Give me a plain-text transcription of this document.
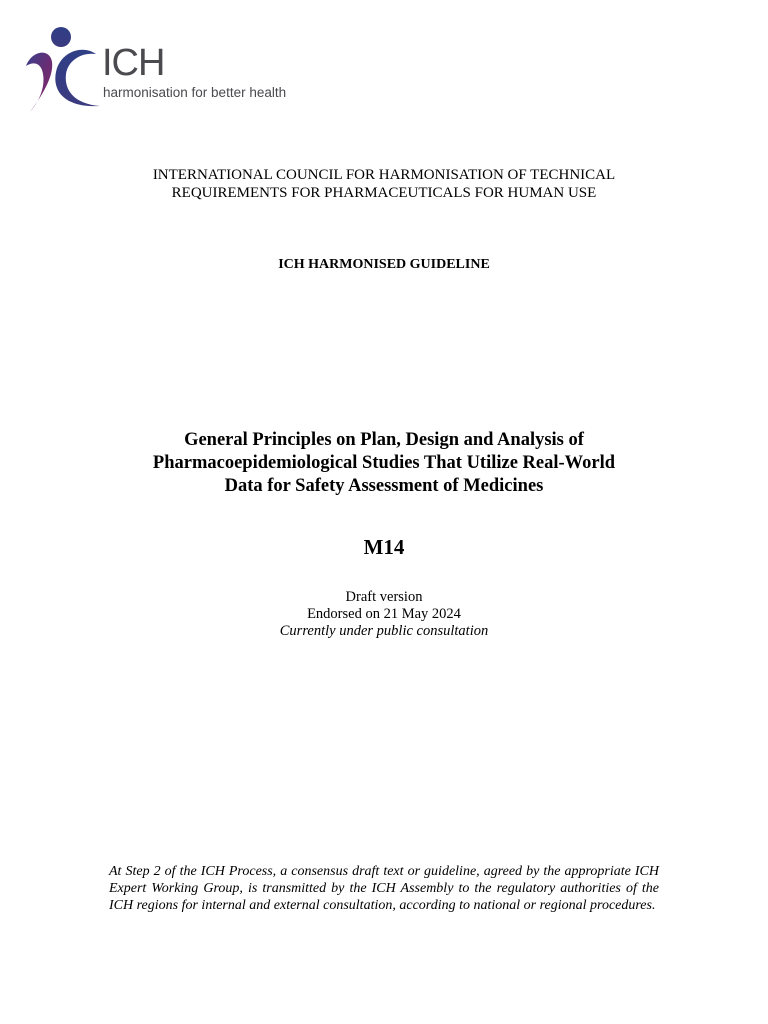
ICH
harmonisation for better health
INTERNATIONAL COUNCIL FOR HARMONISATION OF TECHNICAL
REQUIREMENTS FOR PHARMACEUTICALS FOR HUMAN USE
ICH HARMONISED GUIDELINE
General Principles on Plan, Design and Analysis of
Pharmacoepidemiological Studies That Utilize Real-World
Data for Safety Assessment of Medicines
M14
Draft version
Endorsed on 21 May 2024
Currently under public consultation
At Step 2 of the ICH Process, a consensus draft text or guideline, agreed by the appropriate ICH Expert Working Group, is transmitted by the ICH Assembly to the regulatory authorities of the ICH regions for internal and external consultation, according to national or regional procedures.
